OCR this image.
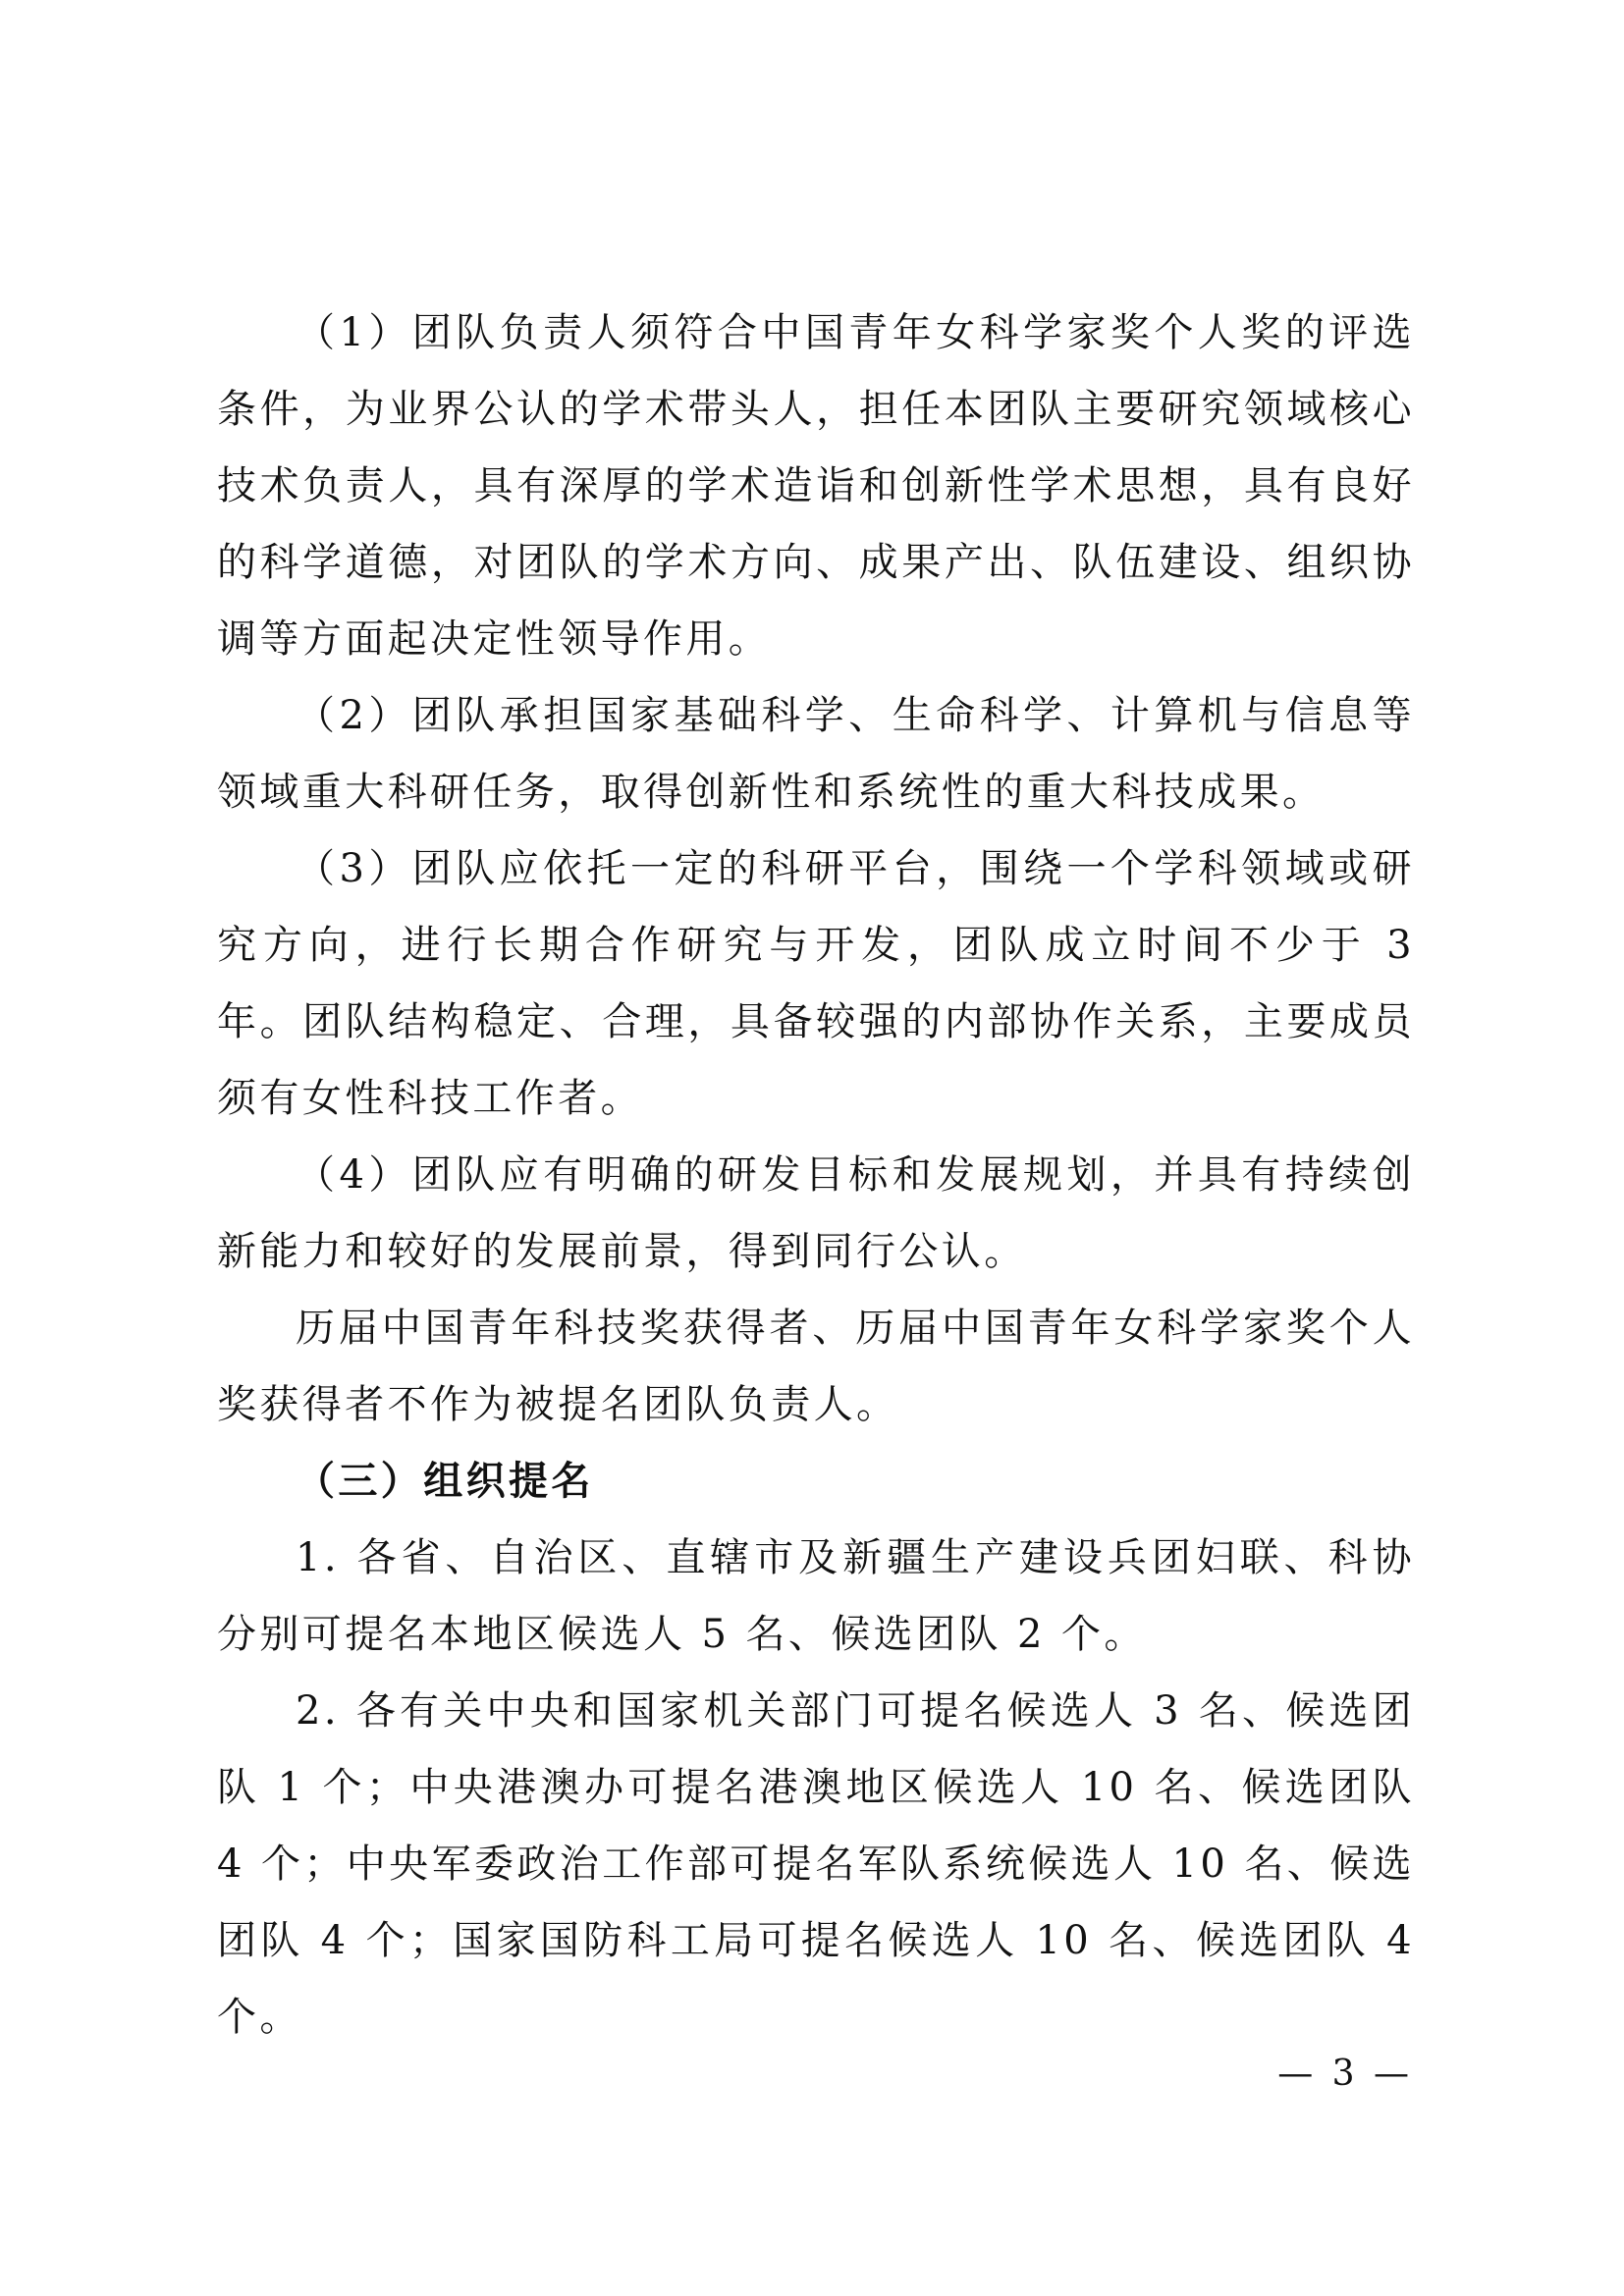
（1）团队负责人须符合中国青年女科学家奖个人奖的评选条件，为业界公认的学术带头人，担任本团队主要研究领域核心技术负责人，具有深厚的学术造诣和创新性学术思想，具有良好的科学道德，对团队的学术方向、成果产出、队伍建设、组织协调等方面起决定性领导作用。

（2）团队承担国家基础科学、生命科学、计算机与信息等领域重大科研任务，取得创新性和系统性的重大科技成果。

（3）团队应依托一定的科研平台，围绕一个学科领域或研究方向，进行长期合作研究与开发，团队成立时间不少于 3 年。团队结构稳定、合理，具备较强的内部协作关系，主要成员须有女性科技工作者。

（4）团队应有明确的研发目标和发展规划，并具有持续创新能力和较好的发展前景，得到同行公认。

历届中国青年科技奖获得者、历届中国青年女科学家奖个人奖获得者不作为被提名团队负责人。

（三）组织提名

1. 各省、自治区、直辖市及新疆生产建设兵团妇联、科协分别可提名本地区候选人 5 名、候选团队 2 个。

2. 各有关中央和国家机关部门可提名候选人 3 名、候选团队 1 个；中央港澳办可提名港澳地区候选人 10 名、候选团队 4 个；中央军委政治工作部可提名军队系统候选人 10 名、候选团队 4 个；国家国防科工局可提名候选人 10 名、候选团队 4 个。

— 3 —
